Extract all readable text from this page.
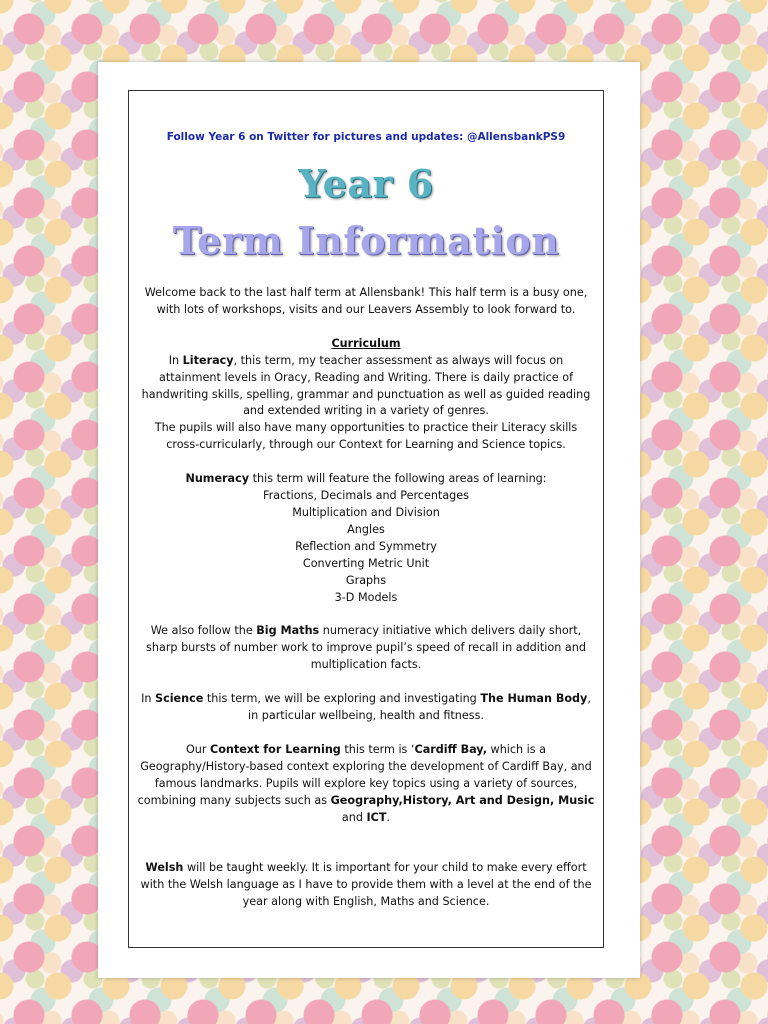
Follow Year 6 on Twitter for pictures and updates: @AllensbankPS9
Year 6
Term Information

Welcome back to the last half term at Allensbank! This half term is a busy one, with lots of workshops, visits and our Leavers Assembly to look forward to.

Curriculum

In Literacy, this term, my teacher assessment as always will focus on attainment levels in Oracy, Reading and Writing. There is daily practice of handwriting skills, spelling, grammar and punctuation as well as guided reading and extended writing in a variety of genres.

The pupils will also have many opportunities to practice their Literacy skills cross-curricularly, through our Context for Learning and Science topics.

Numeracy this term will feature the following areas of learning:

Fractions, Decimals and Percentages

Multiplication and Division

Angles

Reflection and Symmetry

Converting Metric Unit

Graphs

3-D Models

We also follow the Big Maths numeracy initiative which delivers daily short, sharp bursts of number work to improve pupil’s speed of recall in addition and multiplication facts.

In Science this term, we will be exploring and investigating The Human Body, in particular wellbeing, health and fitness.

Our Context for Learning this term is ‘Cardiff Bay, which is a Geography/History-based context exploring the development of Cardiff Bay, and famous landmarks. Pupils will explore key topics using a variety of sources, combining many subjects such as Geography,History, Art and Design, Music and ICT.

Welsh will be taught weekly. It is important for your child to make every effort with the Welsh language as I have to provide them with a level at the end of the year along with English, Maths and Science.
